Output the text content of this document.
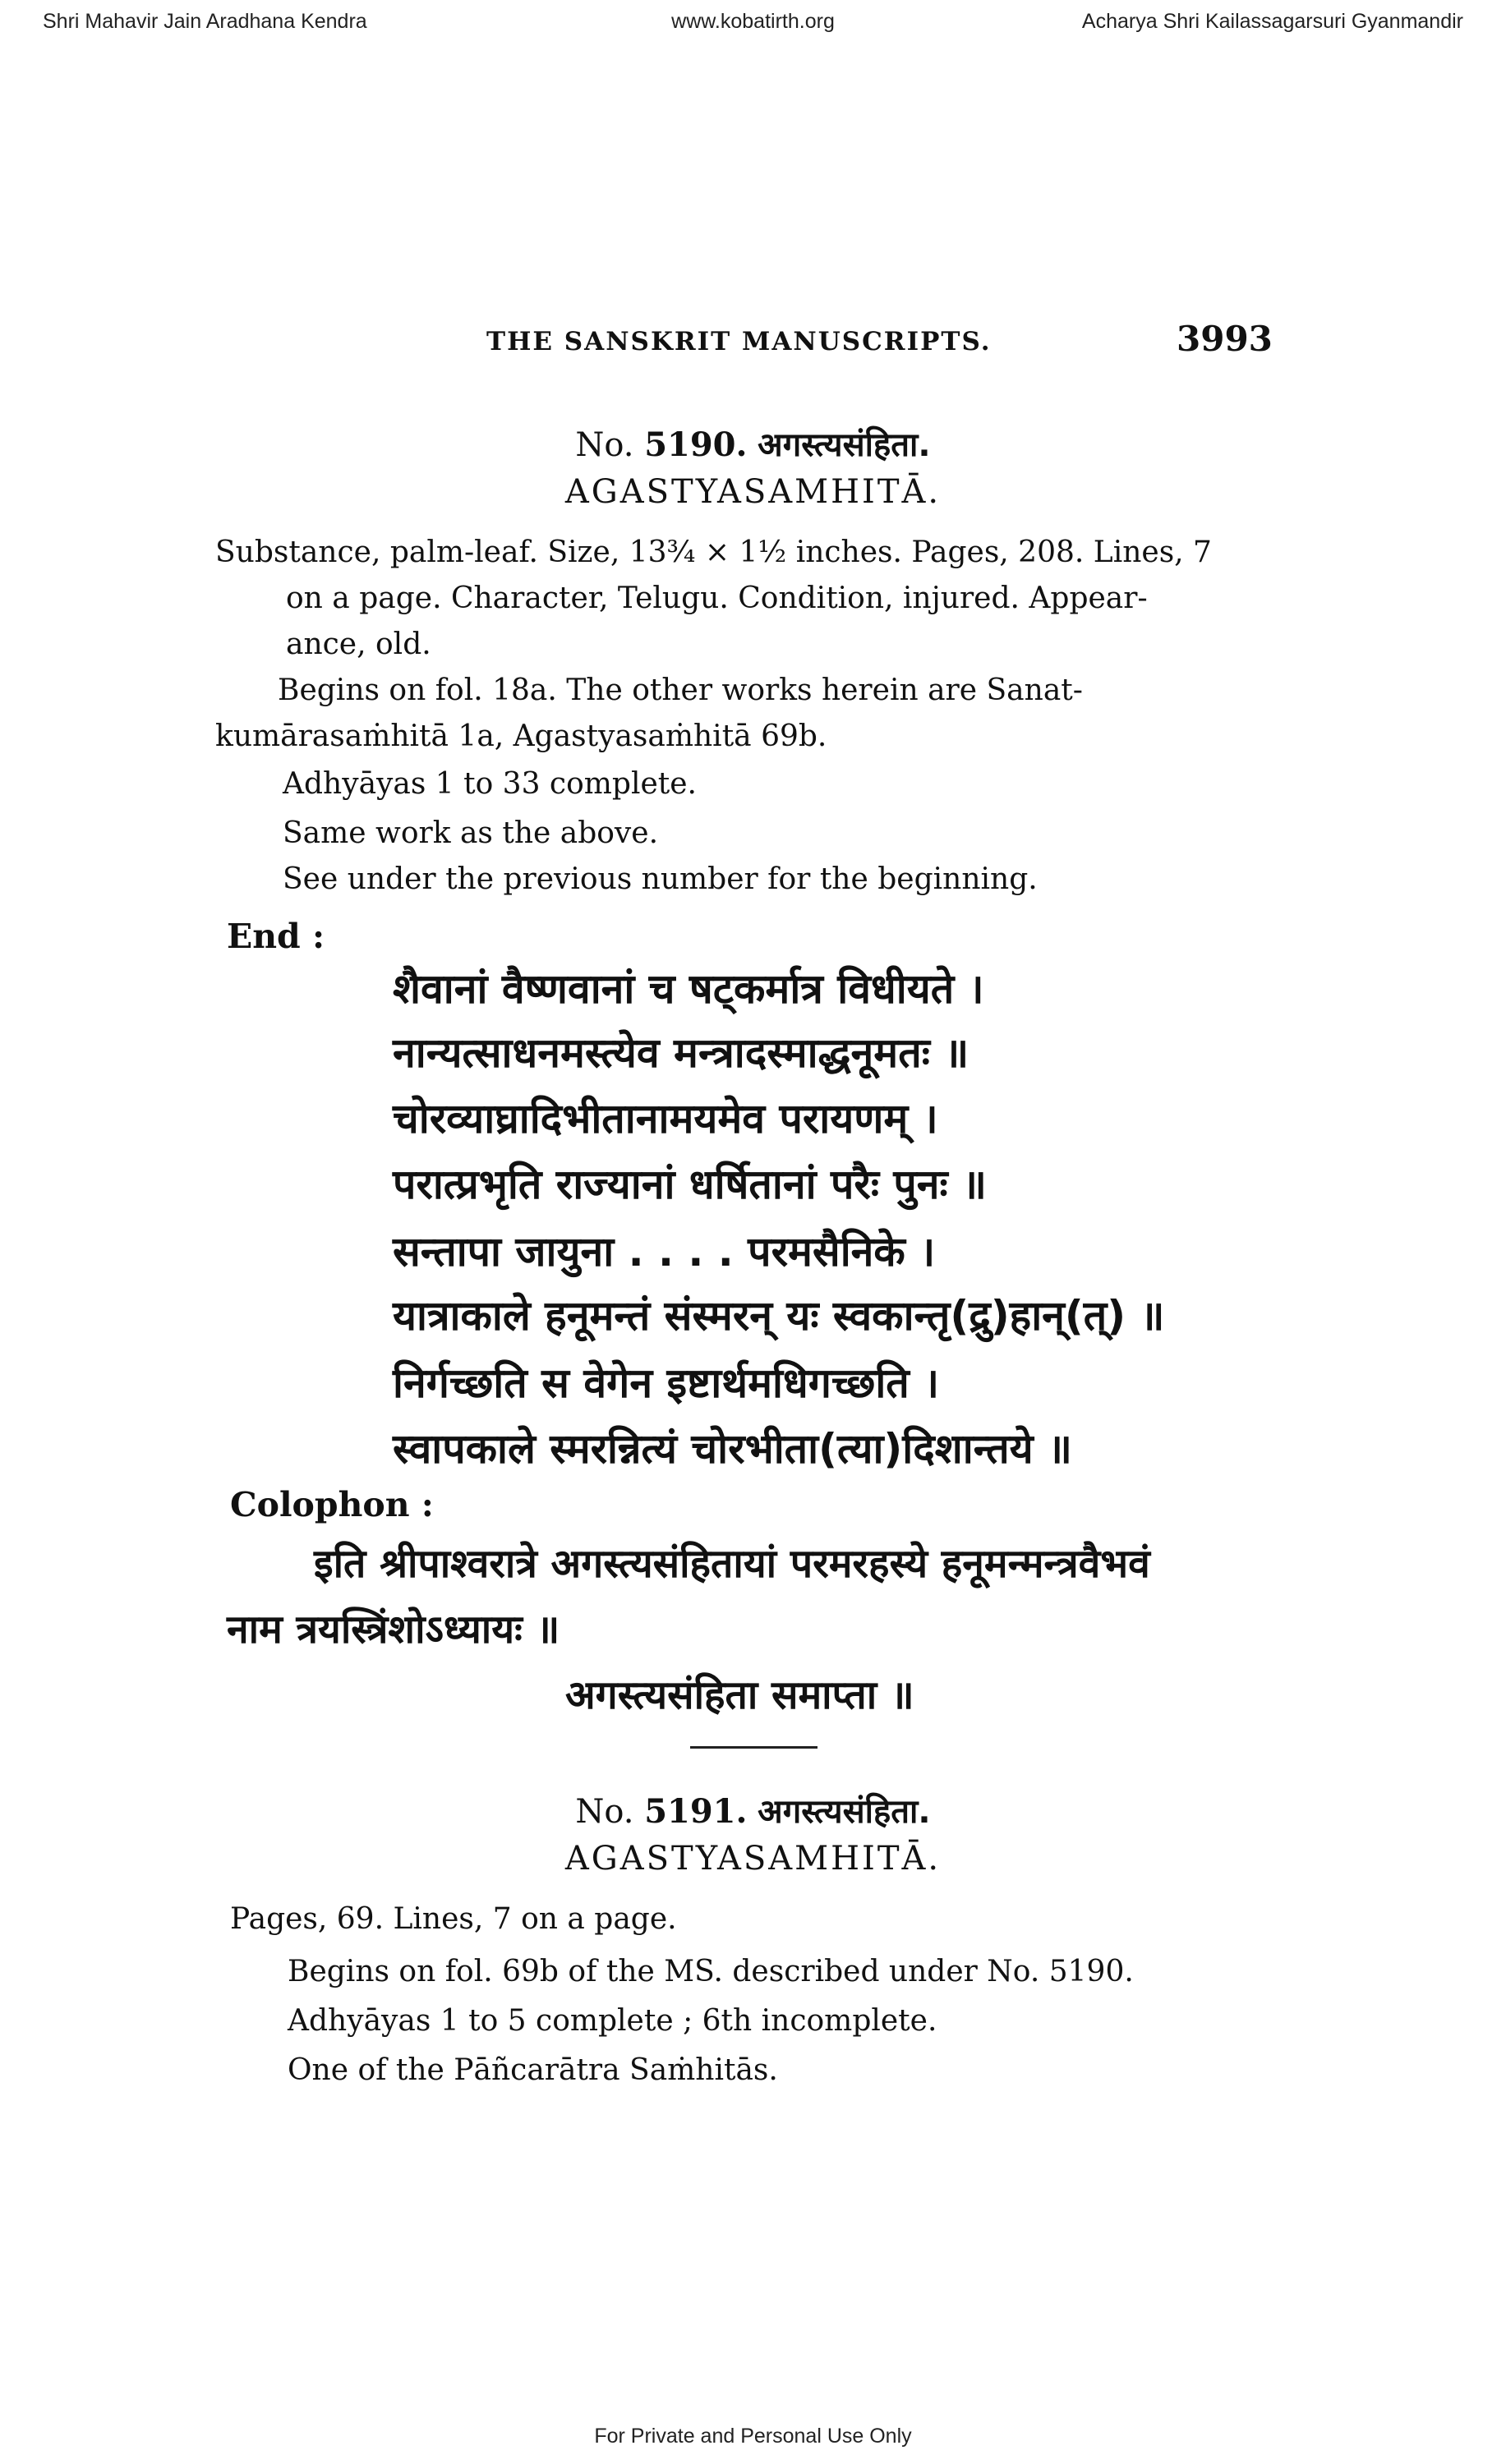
Shri Mahavir Jain Aradhana Kendra	www.kobatirth.org	Acharya Shri Kailassagarsuri Gyanmandir
THE SANSKRIT MANUSCRIPTS.	3993
No. 5190. अगस्त्यसंहिता.
AGASTYASAMHITĀ.
Substance, palm-leaf. Size, 13¾ × 1½ inches. Pages, 208. Lines, 7
on a page. Character, Telugu. Condition, injured. Appear-
ance, old.
Begins on fol. 18a. The other works herein are Sanat-
kumārasaṁhitā 1a, Agastyasaṁhitā 69b.
Adhyāyas 1 to 33 complete.
Same work as the above.
See under the previous number for the beginning.
End :
शैवानां वैष्णवानां च षट्कर्मात्र विधीयते ।
नान्यत्साधनमस्त्येव मन्त्रादस्माद्धनूमतः ॥
चोरव्याघ्रादिभीतानामयमेव परायणम् ।
परात्प्रभृति राज्यानां धर्षितानां परैः पुनः ॥
सन्तापा जायुना . . . . परमसैनिके ।
यात्राकाले हनूमन्तं संस्मरन् यः स्वकान्तृ(द्रु)हान्(त्) ॥
निर्गच्छति स वेगेन इष्टार्थमधिगच्छति ।
स्वापकाले स्मरन्नित्यं चोरभीता(त्या)दिशान्तये ॥
Colophon :
इति श्रीपाश्वरात्रे अगस्त्यसंहितायां परमरहस्ये हनूमन्मन्त्रवैभवं
नाम त्रयस्त्रिंशोऽध्यायः ॥
अगस्त्यसंहिता समाप्ता ॥
No. 5191. अगस्त्यसंहिता.
AGASTYASAMHITĀ.
Pages, 69. Lines, 7 on a page.
Begins on fol. 69b of the MS. described under No. 5190.
Adhyāyas 1 to 5 complete ; 6th incomplete.
One of the Pāñcarātra Saṁhitās.
For Private and Personal Use Only
